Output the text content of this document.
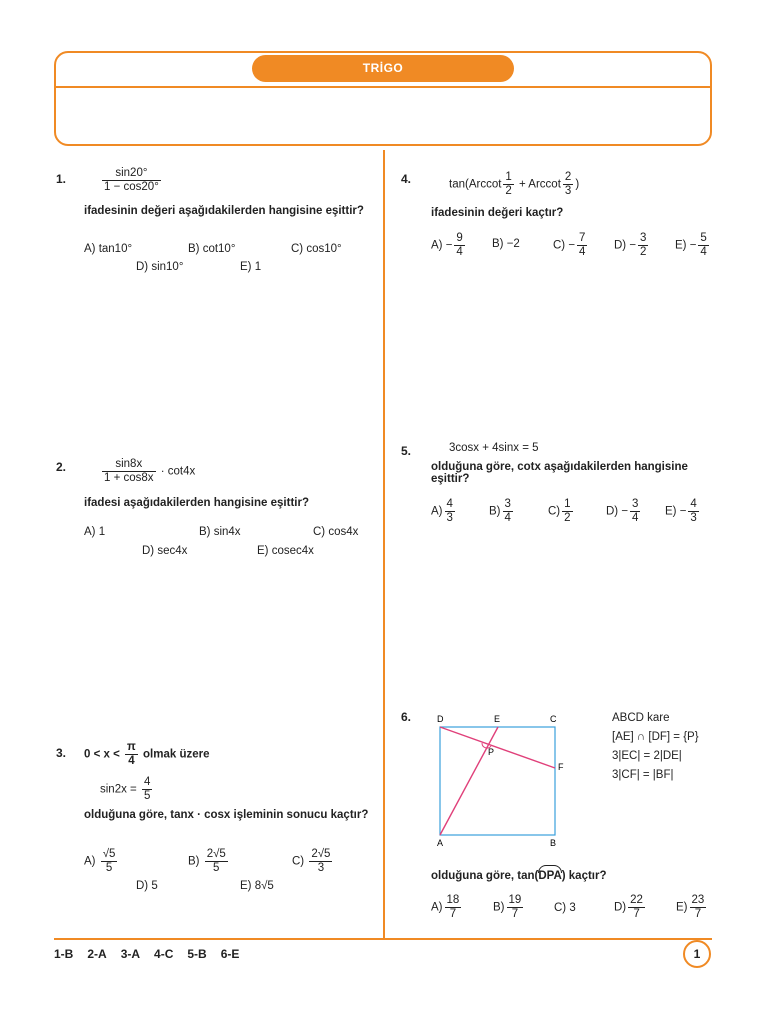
TRİGO
1.	$\frac{\sin 20^\circ}{1 - \cos 20^\circ}$
ifadesinin değeri aşağıdakilerden hangisine eşittir?
A) tan10°	B) cot10°	C) cos10°
D) sin10°	E) 1
2.	$\frac{\sin 8x}{1 + \cos 8x} \cdot \cot 4x$
ifadesi aşağıdakilerden hangisine eşittir?
A) 1	B) sin4x	C) cos4x
D) sec4x	E) cosec4x
3. $0 < x < \frac{\pi}{4}$ olmak üzere
$\sin 2x = \frac{4}{5}$
olduğuna göre, tanx · cosx işleminin sonucu kaçtır?
$A) \frac{√5}{5}$	$B) \frac{2√5}{5}$	$C) \frac{2√5}{3}$
D) 5	E) 8√5
4.	$\tan(Arccot \frac{1}{2} + Arccot \frac{2}{3}$ )
ifadesinin değeri kaçtır?
$A) - \frac{9}{4} B) -2$	$C) - \frac{7}{4} D) - \frac{3}{2} E) - \frac{5}{4}$
5.	3cosx + 4sinx = 5
olduğuna göre, cotx aşağıdakilerden hangisine eşittir?
$A) \frac{4}{3}$	$B) \frac{3}{4}$	$C) \frac{1}{2}$	$D) - \frac{3}{4} E) - \frac{4}{3}$
6.	D	E	C
F
P
A	B
ABCD kare
[AE] ∩ [DF] = {P}
3|EC| = 2|DE|
3|CF| = |BF|
olduğuna göre, tan(
DPA) kaçtır?
$A) \frac{18}{7}$	$B) \frac{19}{7}$	C) 3	$D) \frac{22}{7}$	$E) \frac{23}{7}$
1-B 2-A 3-A 4-C 5-B 6-E	1
